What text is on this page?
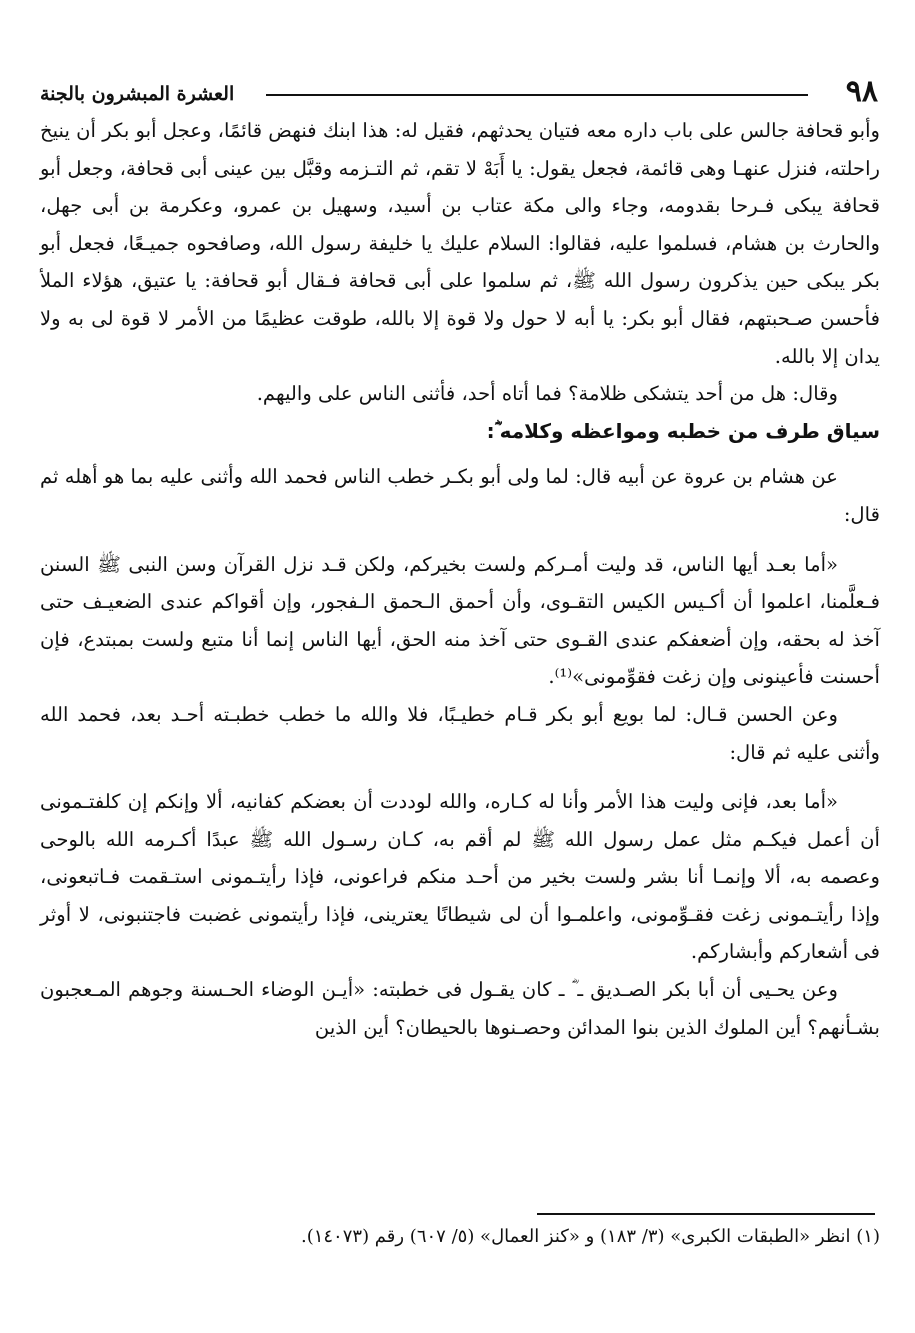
٩٨
العشرة المبشرون بالجنة

وأبو قحافة جالس على باب داره معه فتيان يحدثهم، فقيل له: هذا ابنك فنهض قائمًا، وعجل أبو بكر أن ينيخ راحلته، فنزل عنهـا وهى قائمة، فجعل يقول: يا أَبَهْ لا تقم، ثم التـزمه وقبَّل بين عينى أبى قحافة، وجعل أبو قحافة يبكى فـرحا بقدومه، وجاء والى مكة عتاب بن أسيد، وسهيل بن عمرو، وعكرمة بن أبى جهل، والحارث بن هشام، فسلموا عليه، فقالوا: السلام عليك يا خليفة رسول الله، وصافحوه جميـعًا، فجعل أبو بكر يبكى حين يذكرون رسول الله ﷺ، ثم سلموا على أبى قحافة فـقال أبو قحافة: يا عتيق، هؤلاء الملأ فأحسن صـحبتهم، فقال أبو بكر: يا أبه لا حول ولا قوة إلا بالله، طوقت عظيمًا من الأمر لا قوة لى به ولا يدان إلا بالله.

وقال: هل من أحد يتشكى ظلامة؟ فما أتاه أحد، فأثنى الناس على واليهم.

سياق طرف من خطبه ومواعظه وكلامه ؓ:

عن هشام بن عروة عن أبيه قال: لما ولى أبو بكـر خطب الناس فحمد الله وأثنى عليه بما هو أهله ثم قال:

«أما بعـد أيها الناس، قد وليت أمـركم ولست بخيركم، ولكن قـد نزل القرآن وسن النبى ﷺ السنن فـعلَّمنا، اعلموا أن أكـيس الكيس التقـوى، وأن أحمق الـحمق الـفجور، وإن أقواكم عندى الضعيـف حتى آخذ له بحقه، وإن أضعفكم عندى القـوى حتى آخذ منه الحق، أيها الناس إنما أنا متبع ولست بمبتدع، فإن أحسنت فأعينونى وإن زغت فقوِّمونى»⁽¹⁾.

وعن الحسن قـال: لما بويع أبو بكر قـام خطيـبًا، فلا والله ما خطب خطبـته أحـد بعد، فحمد الله وأثنى عليه ثم قال:

«أما بعد، فإنى وليت هذا الأمر وأنا له كـاره، والله لوددت أن بعضكم كفانيه، ألا وإنكم إن كلفتـمونى أن أعمل فيكـم مثل عمل رسول الله ﷺ لم أقم به، كـان رسـول الله ﷺ عبدًا أكـرمه الله بالوحى وعصمه به، ألا وإنمـا أنا بشر ولست بخير من أحـد منكم فراعونى، فإذا رأيتـمونى استـقمت فـاتبعونى، وإذا رأيتـمونى زغت فقـوِّمونى، واعلمـوا أن لى شيطانًا يعترينى، فإذا رأيتمونى غضبت فاجتنبونى، لا أوثر فى أشعاركم وأبشاركم.

وعن يحـيى أن أبا بكر الصـديق ـ ؓ ـ كان يقـول فى خطبته: «أيـن الوضاء الحـسنة وجوهم المـعجبون بشـأنهم؟ أين الملوك الذين بنوا المدائن وحصـنوها بالحيطان؟ أين الذين

(١) انظر «الطبقات الكبرى» (٣/ ١٨٣) و «كنز العمال» (٥/ ٦٠٧) رقم (١٤٠٧٣).
